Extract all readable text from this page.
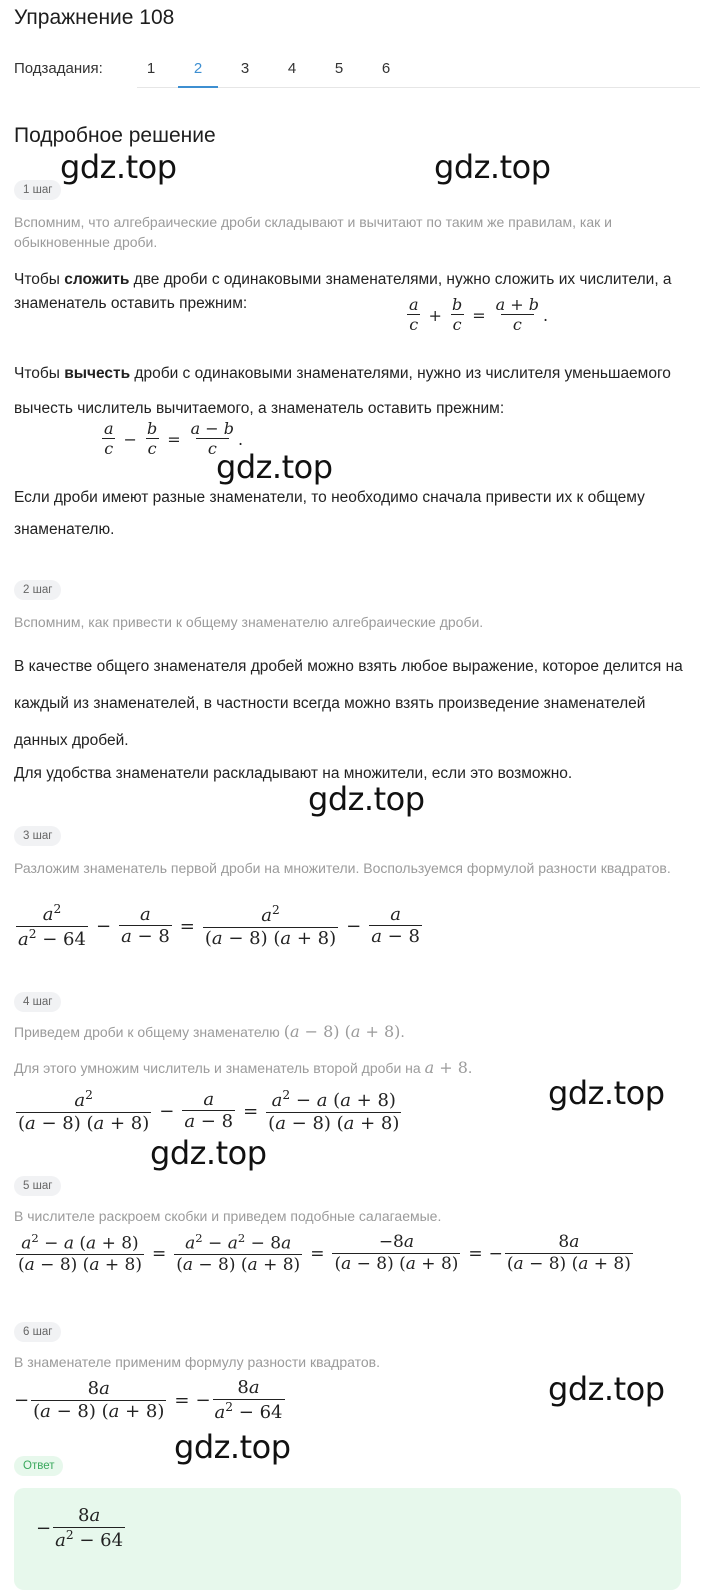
Упражнение 108
Подзадания:	1	2	3	4	5	6
Подробное решение
1 шаг
Вспомним, что алгебраические дроби складывают и вычитают по таким же правилам, как и обыкновенные дроби.
Чтобы сложить две дроби с одинаковыми знаменателями, нужно сложить их числители, а знаменатель оставить прежним:	$\frac{a}{c} + \frac{b}{c} = \frac{a + b}{c}$ .
Чтобы вычесть дроби с одинаковыми знаменателями, нужно из числителя уменьшаемого вычесть числитель вычитаемого, а знаменатель оставить прежним:
$\frac{a}{c} - \frac{b}{c} = \frac{a - b}{c}$ .
Если дроби имеют разные знаменатели, то необходимо сначала привести их к общему знаменателю.
2 шаг
Вспомним, как привести к общему знаменателю алгебраические дроби.
В качестве общего знаменателя дробей можно взять любое выражение, которое делится на каждый из знаменателей, в частности всегда можно взять произведение знаменателей данных дробей.
Для удобства знаменатели раскладывают на множители, если это возможно.
3 шаг
Разложим знаменатель первой дроби на множители. Воспользуемся формулой разности квадратов.
$\frac{a^2}{a^2 - 64} - \frac{a}{a - 8} = \frac{a^2}{(a - 8) (a + 8)} - \frac{a}{a - 8}$
4 шаг
Приведем дроби к общему знаменателю (a − 8) (a + 8).
Для этого умножим числитель и знаменатель второй дроби на a + 8.
$\frac{a^2}{(a - 8) (a + 8)} - \frac{a}{a - 8} = \frac{a^2 - a (a + 8)}{(a - 8) (a + 8)}$
5 шаг
В числителе раскроем скобки и приведем подобные салагаемые.
$\frac{a^2 - a (a + 8)}{(a - 8) (a + 8)} = \frac{a^2 - a^2 - 8a}{(a - 8) (a + 8)} = \frac{-8a}{(a - 8) (a + 8)}$ = − $\frac{8a}{(a - 8) (a + 8)}$
6 шаг
В знаменателе применим формулу разности квадратов.
− $\frac{8a}{(a - 8) (a + 8)}$ = − $\frac{8a}{a^2 - 64}$
Ответ
− $\frac{8a}{a^2 - 64}$
gdz.top	gdz.top
gdz.top
gdz.top
gdz.top
gdz.top
gdz.top
gdz.top
